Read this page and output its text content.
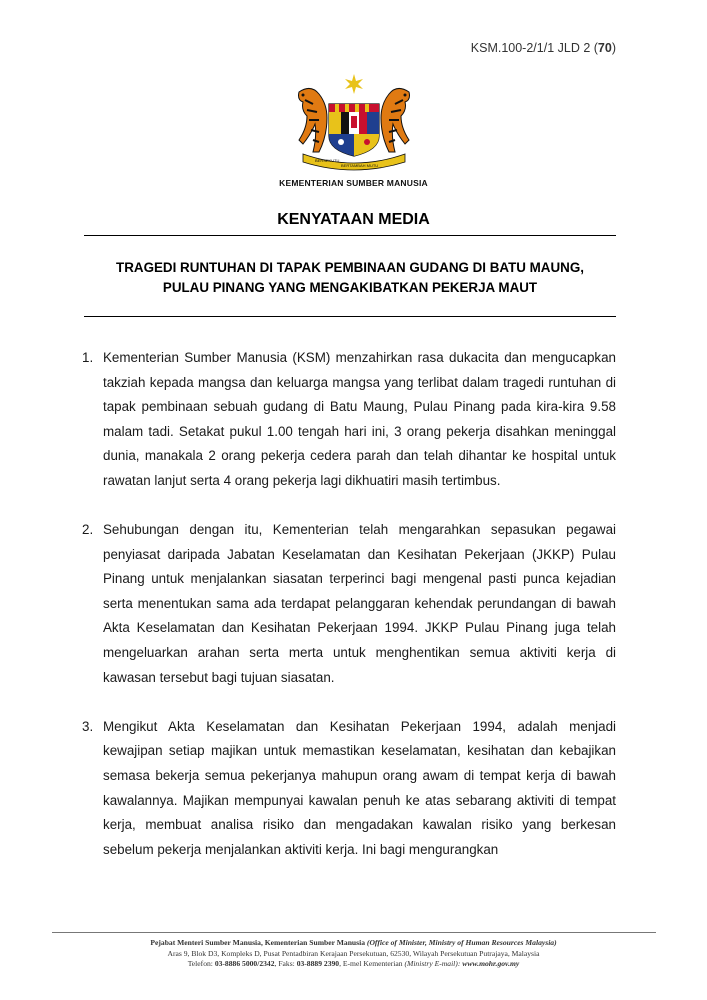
KSM.100-2/1/1 JLD 2 (70)
BERSEKUTU
BERTAMBAH MUTU
KEMENTERIAN SUMBER MANUSIA
KENYATAAN MEDIA
TRAGEDI RUNTUHAN DI TAPAK PEMBINAAN GUDANG DI BATU MAUNG,
PULAU PINANG YANG MENGAKIBATKAN PEKERJA MAUT
1. Kementerian Sumber Manusia (KSM) menzahirkan rasa dukacita dan mengucapkan takziah kepada mangsa dan keluarga mangsa yang terlibat dalam tragedi runtuhan di tapak pembinaan sebuah gudang di Batu Maung, Pulau Pinang pada kira-kira 9.58 malam tadi. Setakat pukul 1.00 tengah hari ini, 3 orang pekerja disahkan meninggal dunia, manakala 2 orang pekerja cedera parah dan telah dihantar ke hospital untuk rawatan lanjut serta 4 orang pekerja lagi dikhuatiri masih tertimbus.
2. Sehubungan dengan itu, Kementerian telah mengarahkan sepasukan pegawai penyiasat daripada Jabatan Keselamatan dan Kesihatan Pekerjaan (JKKP) Pulau Pinang untuk menjalankan siasatan terperinci bagi mengenal pasti punca kejadian serta menentukan sama ada terdapat pelanggaran kehendak perundangan di bawah Akta Keselamatan dan Kesihatan Pekerjaan 1994. JKKP Pulau Pinang juga telah mengeluarkan arahan serta merta untuk menghentikan semua aktiviti kerja di kawasan tersebut bagi tujuan siasatan.
3. Mengikut Akta Keselamatan dan Kesihatan Pekerjaan 1994, adalah menjadi kewajipan setiap majikan untuk memastikan keselamatan, kesihatan dan kebajikan semasa bekerja semua pekerjanya mahupun orang awam di tempat kerja di bawah kawalannya. Majikan mempunyai kawalan penuh ke atas sebarang aktiviti di tempat kerja, membuat analisa risiko dan mengadakan kawalan risiko yang berkesan sebelum pekerja menjalankan aktiviti kerja. Ini bagi mengurangkan
Pejabat Menteri Sumber Manusia, Kementerian Sumber Manusia (Office of Minister, Ministry of Human Resources Malaysia)
Aras 9, Blok D3, Kompleks D, Pusat Pentadbiran Kerajaan Persekutuan, 62530, Wilayah Persekutuan Putrajaya, Malaysia
Telefon: 03-8886 5000/2342, Faks: 03-8889 2390, E-mel Kementerian (Ministry E-mail): www.mohr.gov.my
